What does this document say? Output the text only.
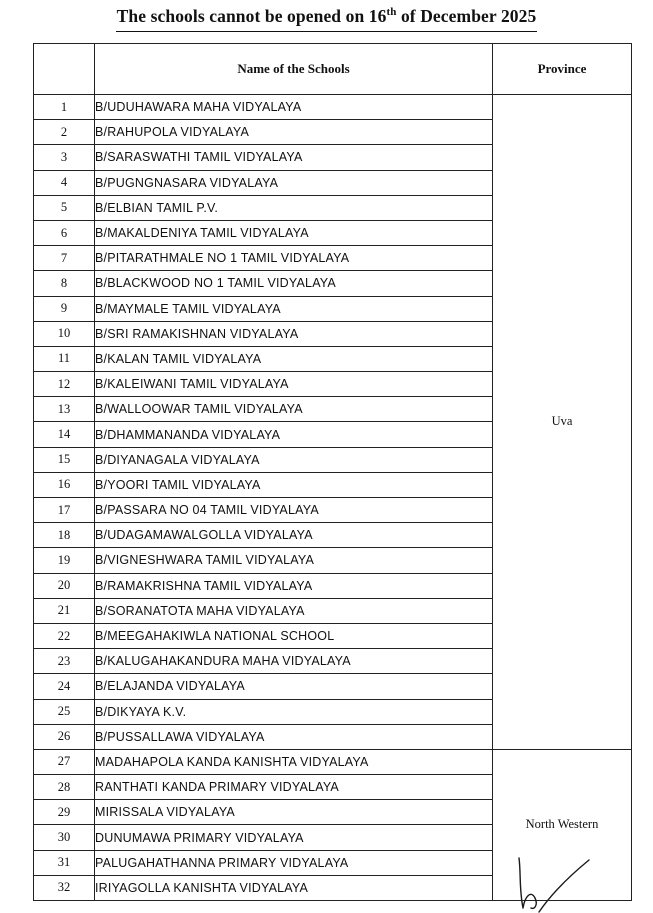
The schools cannot be opened on 16th of December 2025
	Name of the Schools	Province
1	B/UDUHAWARA MAHA VIDYALAYA	Uva
2	B/RAHUPOLA VIDYALAYA	
3	B/SARASWATHI TAMIL VIDYALAYA	
4	B/PUGNGNASARA VIDYALAYA	
5	B/ELBIAN TAMIL P.V.	
6	B/MAKALDENIYA TAMIL VIDYALAYA	
7	B/PITARATHMALE NO 1 TAMIL VIDYALAYA	
8	B/BLACKWOOD NO 1 TAMIL VIDYALAYA	
9	B/MAYMALE TAMIL VIDYALAYA	
10	B/SRI RAMAKISHNAN VIDYALAYA	
11	B/KALAN TAMIL VIDYALAYA	
12	B/KALEIWANI TAMIL VIDYALAYA	
13	B/WALLOOWAR TAMIL VIDYALAYA	
14	B/DHAMMANANDA VIDYALAYA	
15	B/DIYANAGALA VIDYALAYA	
16	B/YOORI TAMIL VIDYALAYA	
17	B/PASSARA NO 04 TAMIL VIDYALAYA	
18	B/UDAGAMAWALGOLLA VIDYALAYA	
19	B/VIGNESHWARA TAMIL VIDYALAYA	
20	B/RAMAKRISHNA TAMIL VIDYALAYA	
21	B/SORANATOTA MAHA VIDYALAYA	
22	B/MEEGAHAKIWLA NATIONAL SCHOOL	
23	B/KALUGAHAKANDURA MAHA VIDYALAYA	
24	B/ELAJANDA VIDYALAYA	
25	B/DIKYAYA K.V.	
26	B/PUSSALLAWA VIDYALAYA	
27	MADAHAPOLA KANDA KANISHTA VIDYALAYA	North Western
28	RANTHATI KANDA PRIMARY VIDYALAYA	
29	MIRISSALA VIDYALAYA	
30	DUNUMAWA PRIMARY VIDYALAYA	
31	PALUGAHATHANNA PRIMARY VIDYALAYA	
32	IRIYAGOLLA KANISHTA VIDYALAYA	
